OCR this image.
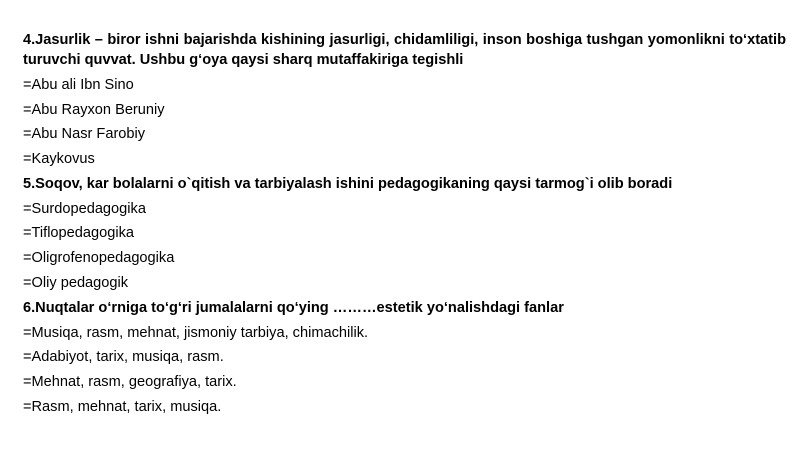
4.Jasurlik – biror ishni bajarishda kishining jasurligi, chidamliligi, inson boshiga tushgan yomonlikni to‘xtatib turuvchi quvvat. Ushbu g‘oya qaysi sharq mutaffakiriga tegishli

=Abu ali Ibn Sino

=Abu Rayxon Beruniy

=Abu Nasr Farobiy

=Kaykovus

5.Soqov, kar bolalarni o`qitish va tarbiyalash ishini pedagogikaning qaysi tarmog`i olib boradi

=Surdopedagogika

=Tiflopedagogika

=Oligrofenopedagogika

=Oliy pedagogik

6.Nuqtalar o‘rniga to‘g‘ri jumalalarni qo‘ying ………estetik yo‘nalishdagi fanlar

=Musiqa, rasm, mehnat, jismoniy tarbiya, chimachilik.

=Adabiyot, tarix, musiqa, rasm.

=Mehnat, rasm, geografiya, tarix.

=Rasm, mehnat, tarix, musiqa.
